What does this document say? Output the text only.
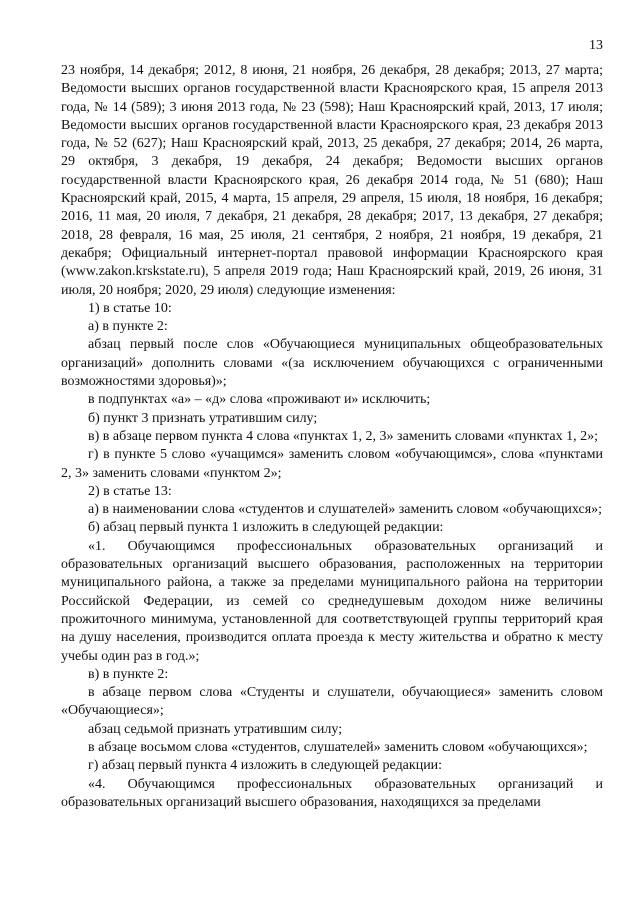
13

23 ноября, 14 декабря; 2012, 8 июня, 21 ноября, 26 декабря, 28 декабря; 2013, 27 марта; Ведомости высших органов государственной власти Красноярского края, 15 апреля 2013 года, № 14 (589); 3 июня 2013 года, № 23 (598); Наш Красноярский край, 2013, 17 июля; Ведомости высших органов государственной власти Красноярского края, 23 декабря 2013 года, № 52 (627); Наш Красноярский край, 2013, 25 декабря, 27 декабря; 2014, 26 марта, 29 октября, 3 декабря, 19 декабря, 24 декабря; Ведомости высших органов государственной власти Красноярского края, 26 декабря 2014 года, № 51 (680); Наш Красноярский край, 2015, 4 марта, 15 апреля, 29 апреля, 15 июля, 18 ноября, 16 декабря; 2016, 11 мая, 20 июля, 7 декабря, 21 декабря, 28 декабря; 2017, 13 декабря, 27 декабря; 2018, 28 февраля, 16 мая, 25 июля, 21 сентября, 2 ноября, 21 ноября, 19 декабря, 21 декабря; Официальный интернет-портал правовой информации Красноярского края (www.zakon.krskstate.ru), 5 апреля 2019 года; Наш Красноярский край, 2019, 26 июня, 31 июля, 20 ноября; 2020, 29 июля) следующие изменения:

1) в статье 10:

а) в пункте 2:

абзац первый после слов «Обучающиеся муниципальных общеобразовательных организаций» дополнить словами «(за исключением обучающихся с ограниченными возможностями здоровья)»;

в подпунктах «а» – «д» слова «проживают и» исключить;

б) пункт 3 признать утратившим силу;

в) в абзаце первом пункта 4 слова «пунктах 1, 2, 3» заменить словами «пунктах 1, 2»;

г) в пункте 5 слово «учащимся» заменить словом «обучающимся», слова «пунктами 2, 3» заменить словами «пунктом 2»;

2) в статье 13:

а) в наименовании слова «студентов и слушателей» заменить словом «обучающихся»;

б) абзац первый пункта 1 изложить в следующей редакции:

«1. Обучающимся профессиональных образовательных организаций и образовательных организаций высшего образования, расположенных на территории муниципального района, а также за пределами муниципального района на территории Российской Федерации, из семей со среднедушевым доходом ниже величины прожиточного минимума, установленной для соответствующей группы территорий края на душу населения, производится оплата проезда к месту жительства и обратно к месту учебы один раз в год.»;

в) в пункте 2:

в абзаце первом слова «Студенты и слушатели, обучающиеся» заменить словом «Обучающиеся»;

абзац седьмой признать утратившим силу;

в абзаце восьмом слова «студентов, слушателей» заменить словом «обучающихся»;

г) абзац первый пункта 4 изложить в следующей редакции:

«4. Обучающимся профессиональных образовательных организаций и образовательных организаций высшего образования, находящихся за пределами
